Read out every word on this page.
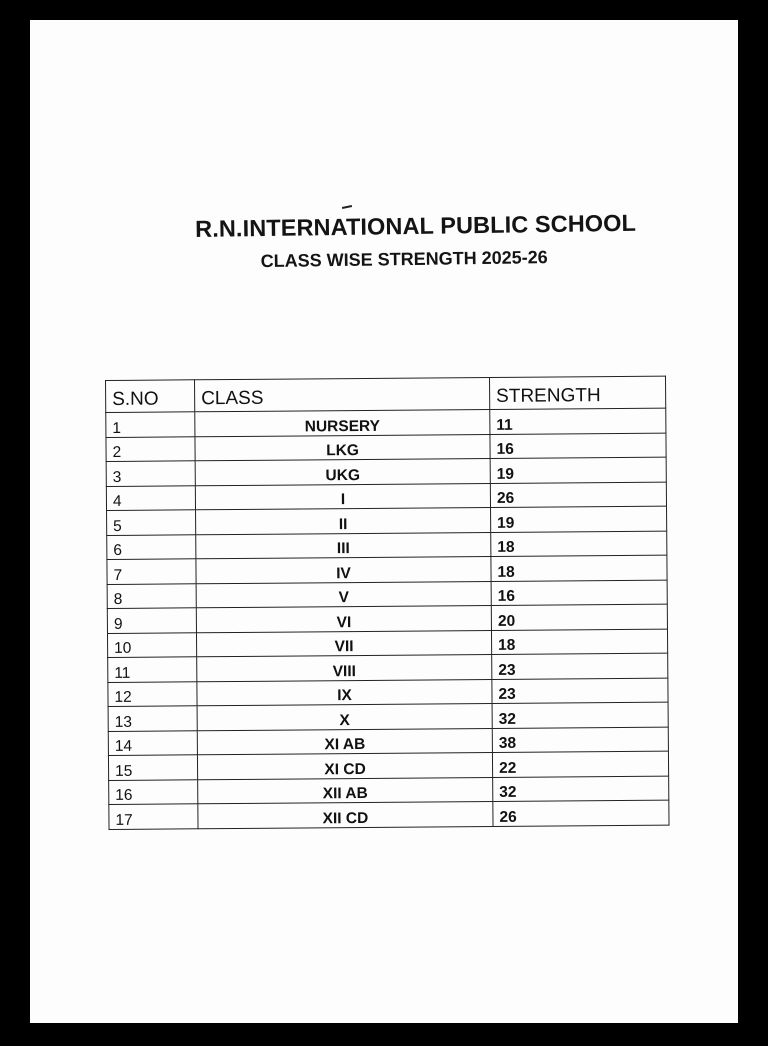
R.N.INTERNATIONAL PUBLIC SCHOOL
CLASS WISE STRENGTH 2025-26
S.NO	CLASS	STRENGTH
1	NURSERY	11
2	LKG	16
3	UKG	19
4	I	26
5	II	19
6	III	18
7	IV	18
8	V	16
9	VI	20
10	VII	18
11	VIII	23
12	IX	23
13	X	32
14	XI AB	38
15	XI CD	22
16	XII AB	32
17	XII CD	26
